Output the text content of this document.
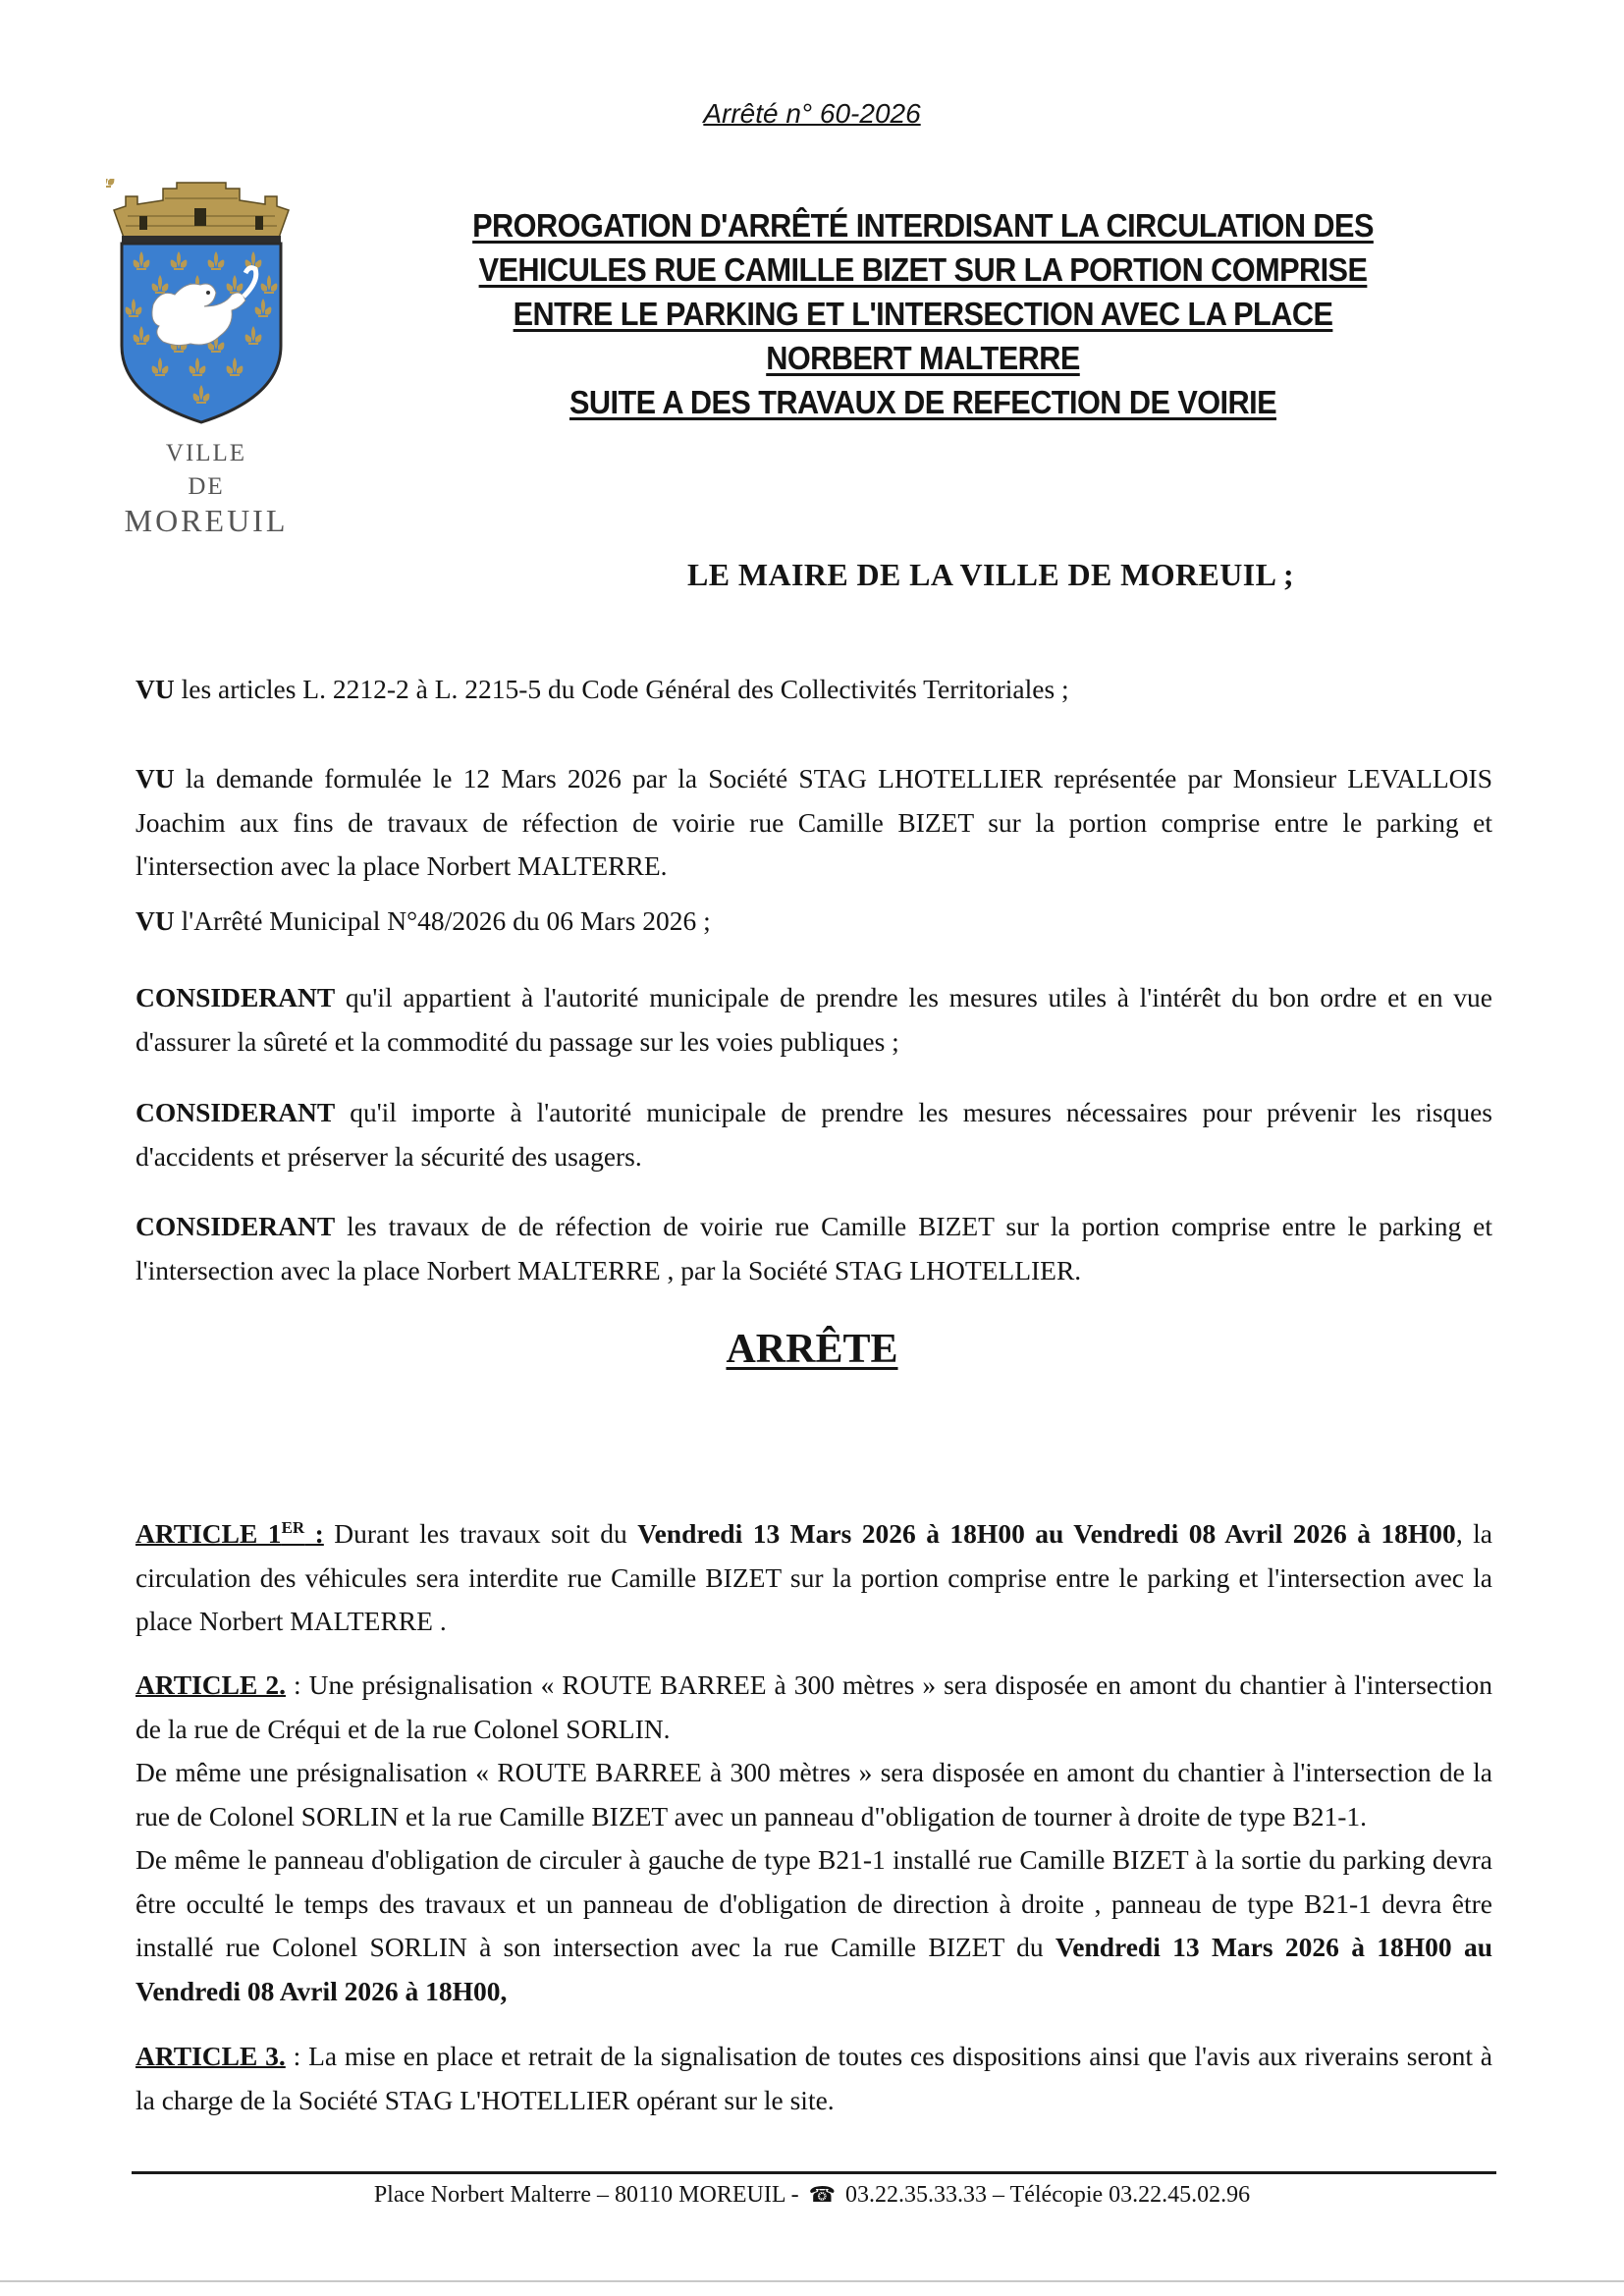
Arrêté n° 60-2026
VILLE
DE
MOREUIL
PROROGATION D'ARRÊTÉ INTERDISANT LA CIRCULATION DES
VEHICULES RUE CAMILLE BIZET SUR LA PORTION COMPRISE
ENTRE LE PARKING ET L'INTERSECTION AVEC LA PLACE
NORBERT MALTERRE
SUITE A DES TRAVAUX DE REFECTION DE VOIRIE
LE MAIRE DE LA VILLE DE MOREUIL ;
VU les articles L. 2212-2 à L. 2215-5 du Code Général des Collectivités Territoriales ;
VU la demande formulée le 12 Mars 2026 par la Société STAG LHOTELLIER représentée par Monsieur LEVALLOIS Joachim aux fins de travaux de réfection de voirie rue Camille BIZET sur la portion comprise entre le parking et l'intersection avec la place Norbert MALTERRE.
VU l'Arrêté Municipal N°48/2026 du 06 Mars 2026 ;
CONSIDERANT qu'il appartient à l'autorité municipale de prendre les mesures utiles à l'intérêt du bon ordre et en vue d'assurer la sûreté et la commodité du passage sur les voies publiques ;
CONSIDERANT qu'il importe à l'autorité municipale de prendre les mesures nécessaires pour prévenir les risques d'accidents et préserver la sécurité des usagers.
CONSIDERANT les travaux de de réfection de voirie rue Camille BIZET sur la portion comprise entre le parking et l'intersection avec la place Norbert MALTERRE , par la Société STAG LHOTELLIER.
ARRÊTE
ARTICLE 1ER : Durant les travaux soit du Vendredi 13 Mars 2026 à 18H00 au Vendredi 08 Avril 2026 à 18H00, la circulation des véhicules sera interdite rue Camille BIZET sur la portion comprise entre le parking et l'intersection avec la place Norbert MALTERRE .
ARTICLE 2. : Une présignalisation « ROUTE BARREE à 300 mètres » sera disposée en amont du chantier à l'intersection de la rue de Créqui et de la rue Colonel SORLIN.
De même une présignalisation « ROUTE BARREE à 300 mètres » sera disposée en amont du chantier à l'intersection de la rue de Colonel SORLIN et la rue Camille BIZET avec un panneau d"obligation de tourner à droite de type B21-1.
De même le panneau d'obligation de circuler à gauche de type B21-1 installé rue Camille BIZET à la sortie du parking devra être occulté le temps des travaux et un panneau de d'obligation de direction à droite , panneau de type B21-1 devra être installé rue Colonel SORLIN à son intersection avec la rue Camille BIZET du Vendredi 13 Mars 2026 à 18H00 au Vendredi 08 Avril 2026 à 18H00,
ARTICLE 3. : La mise en place et retrait de la signalisation de toutes ces dispositions ainsi que l'avis aux riverains seront à la charge de la Société STAG L'HOTELLIER opérant sur le site.
Place Norbert Malterre – 80110 MOREUIL - ☎ 03.22.35.33.33 – Télécopie 03.22.45.02.96
